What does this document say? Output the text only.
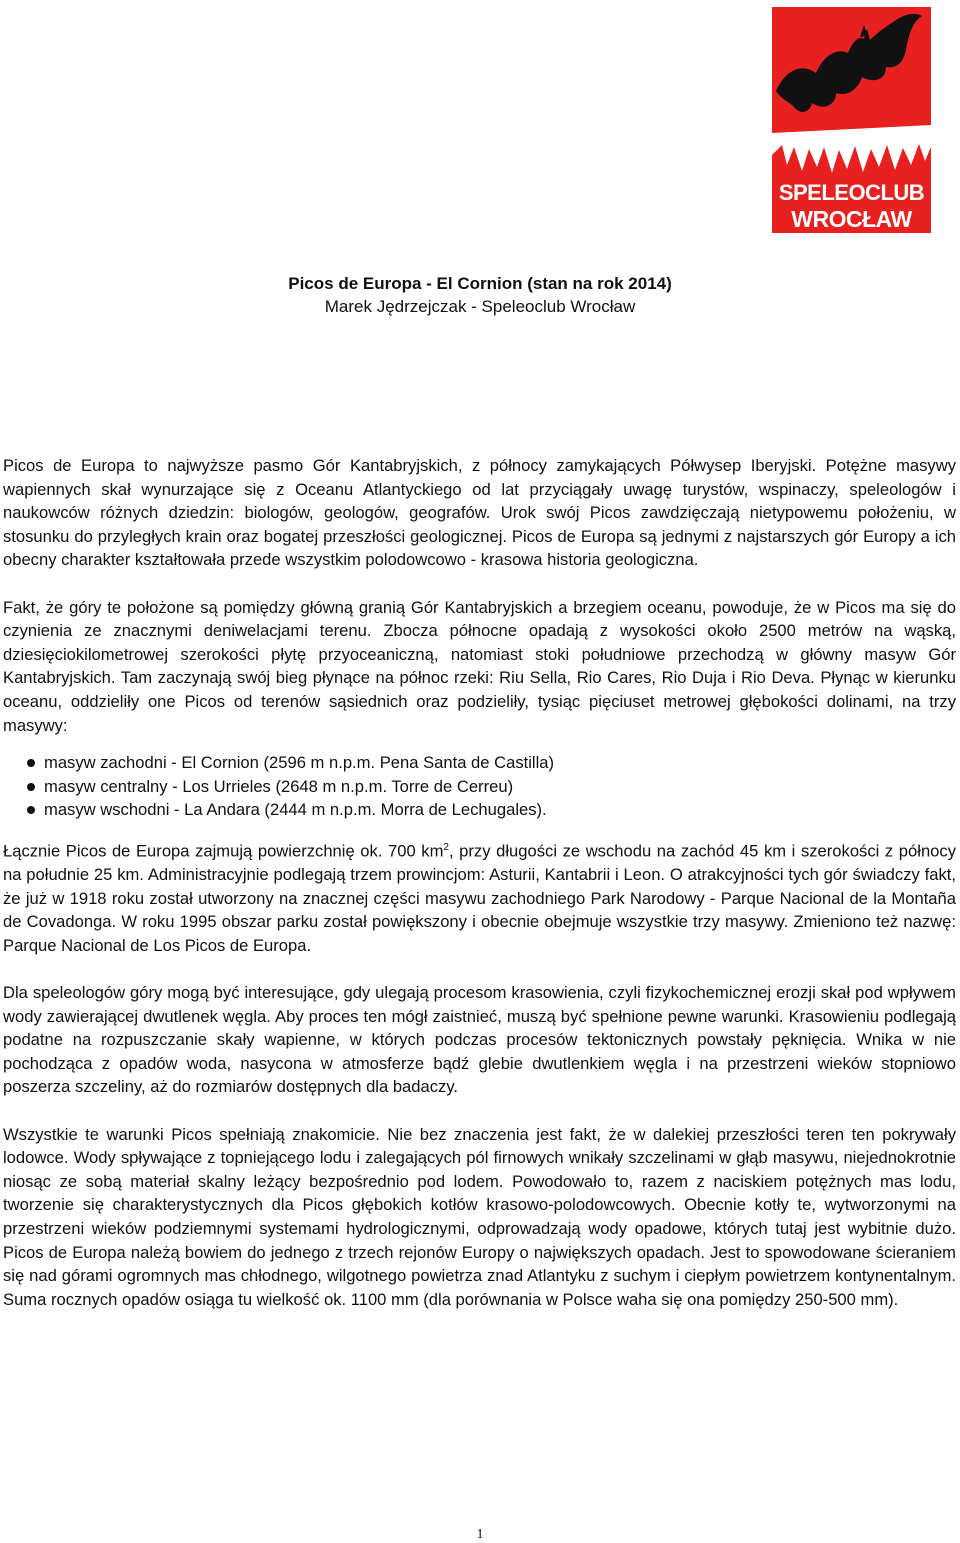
SPELEOCLUB
WROCŁAW

Picos de Europa - El Cornion (stan na rok 2014)

Marek Jędrzejczak - Speleoclub Wrocław

Picos de Europa to najwyższe pasmo Gór Kantabryjskich, z północy zamykających Półwysep Iberyjski. Potężne masywy wapiennych skał wynurzające się z Oceanu Atlantyckiego od lat przyciągały uwagę turystów, wspinaczy, speleologów i naukowców różnych dziedzin: biologów, geologów, geografów. Urok swój Picos zawdzięczają nietypowemu położeniu, w stosunku do przyległych krain oraz bogatej przeszłości geologicznej. Picos de Europa są jednymi z najstarszych gór Europy a ich obecny charakter kształtowała przede wszystkim polodowcowo - krasowa historia geologiczna.

Fakt, że góry te położone są pomiędzy główną granią Gór Kantabryjskich a brzegiem oceanu, powoduje, że w Picos ma się do czynienia ze znacznymi deniwelacjami terenu. Zbocza północne opadają z wysokości około 2500 metrów na wąską, dziesięciokilometrowej szerokości płytę przyoceaniczną, natomiast stoki południowe przechodzą w główny masyw Gór Kantabryjskich. Tam zaczynają swój bieg płynące na północ rzeki: Riu Sella, Rio Cares, Rio Duja i Rio Deva. Płynąc w kierunku oceanu, oddzieliły one Picos od terenów sąsiednich oraz podzieliły, tysiąc pięciuset metrowej głębokości dolinami, na trzy masywy:

masyw zachodni - El Cornion (2596 m n.p.m. Pena Santa de Castilla)
masyw centralny - Los Urrieles (2648 m n.p.m. Torre de Cerreu)
masyw wschodni - La Andara (2444 m n.p.m. Morra de Lechugales).

Łącznie Picos de Europa zajmują powierzchnię ok. 700 $km^2$, przy długości ze wschodu na zachód 45 km i szerokości z północy na południe 25 km. Administracyjnie podlegają trzem prowincjom: Asturii, Kantabrii i Leon. O atrakcyjności tych gór świadczy fakt, że już w 1918 roku został utworzony na znacznej części masywu zachodniego Park Narodowy - Parque Nacional de la Montaña de Covadonga. W roku 1995 obszar parku został powiększony i obecnie obejmuje wszystkie trzy masywy. Zmieniono też nazwę: Parque Nacional de Los Picos de Europa.

Dla speleologów góry mogą być interesujące, gdy ulegają procesom krasowienia, czyli fizykochemicznej erozji skał pod wpływem wody zawierającej dwutlenek węgla. Aby proces ten mógł zaistnieć, muszą być spełnione pewne warunki. Krasowieniu podlegają podatne na rozpuszczanie skały wapienne, w których podczas procesów tektonicznych powstały pęknięcia. Wnika w nie pochodząca z opadów woda, nasycona w atmosferze bądź glebie dwutlenkiem węgla i na przestrzeni wieków stopniowo poszerza szczeliny, aż do rozmiarów dostępnych dla badaczy.

Wszystkie te warunki Picos spełniają znakomicie. Nie bez znaczenia jest fakt, że w dalekiej przeszłości teren ten pokrywały lodowce. Wody spływające z topniejącego lodu i zalegających pól firnowych wnikały szczelinami w głąb masywu, niejednokrotnie niosąc ze sobą materiał skalny leżący bezpośrednio pod lodem. Powodowało to, razem z naciskiem potężnych mas lodu, tworzenie się charakterystycznych dla Picos głębokich kotłów krasowo-polodowcowych. Obecnie kotły te, wytworzonymi na przestrzeni wieków podziemnymi systemami hydrologicznymi, odprowadzają wody opadowe, których tutaj jest wybitnie dużo. Picos de Europa należą bowiem do jednego z trzech rejonów Europy o największych opadach. Jest to spowodowane ścieraniem się nad górami ogromnych mas chłodnego, wilgotnego powietrza znad Atlantyku z suchym i ciepłym powietrzem kontynentalnym. Suma rocznych opadów osiąga tu wielkość ok. 1100 mm (dla porównania w Polsce waha się ona pomiędzy 250-500 mm).

1
